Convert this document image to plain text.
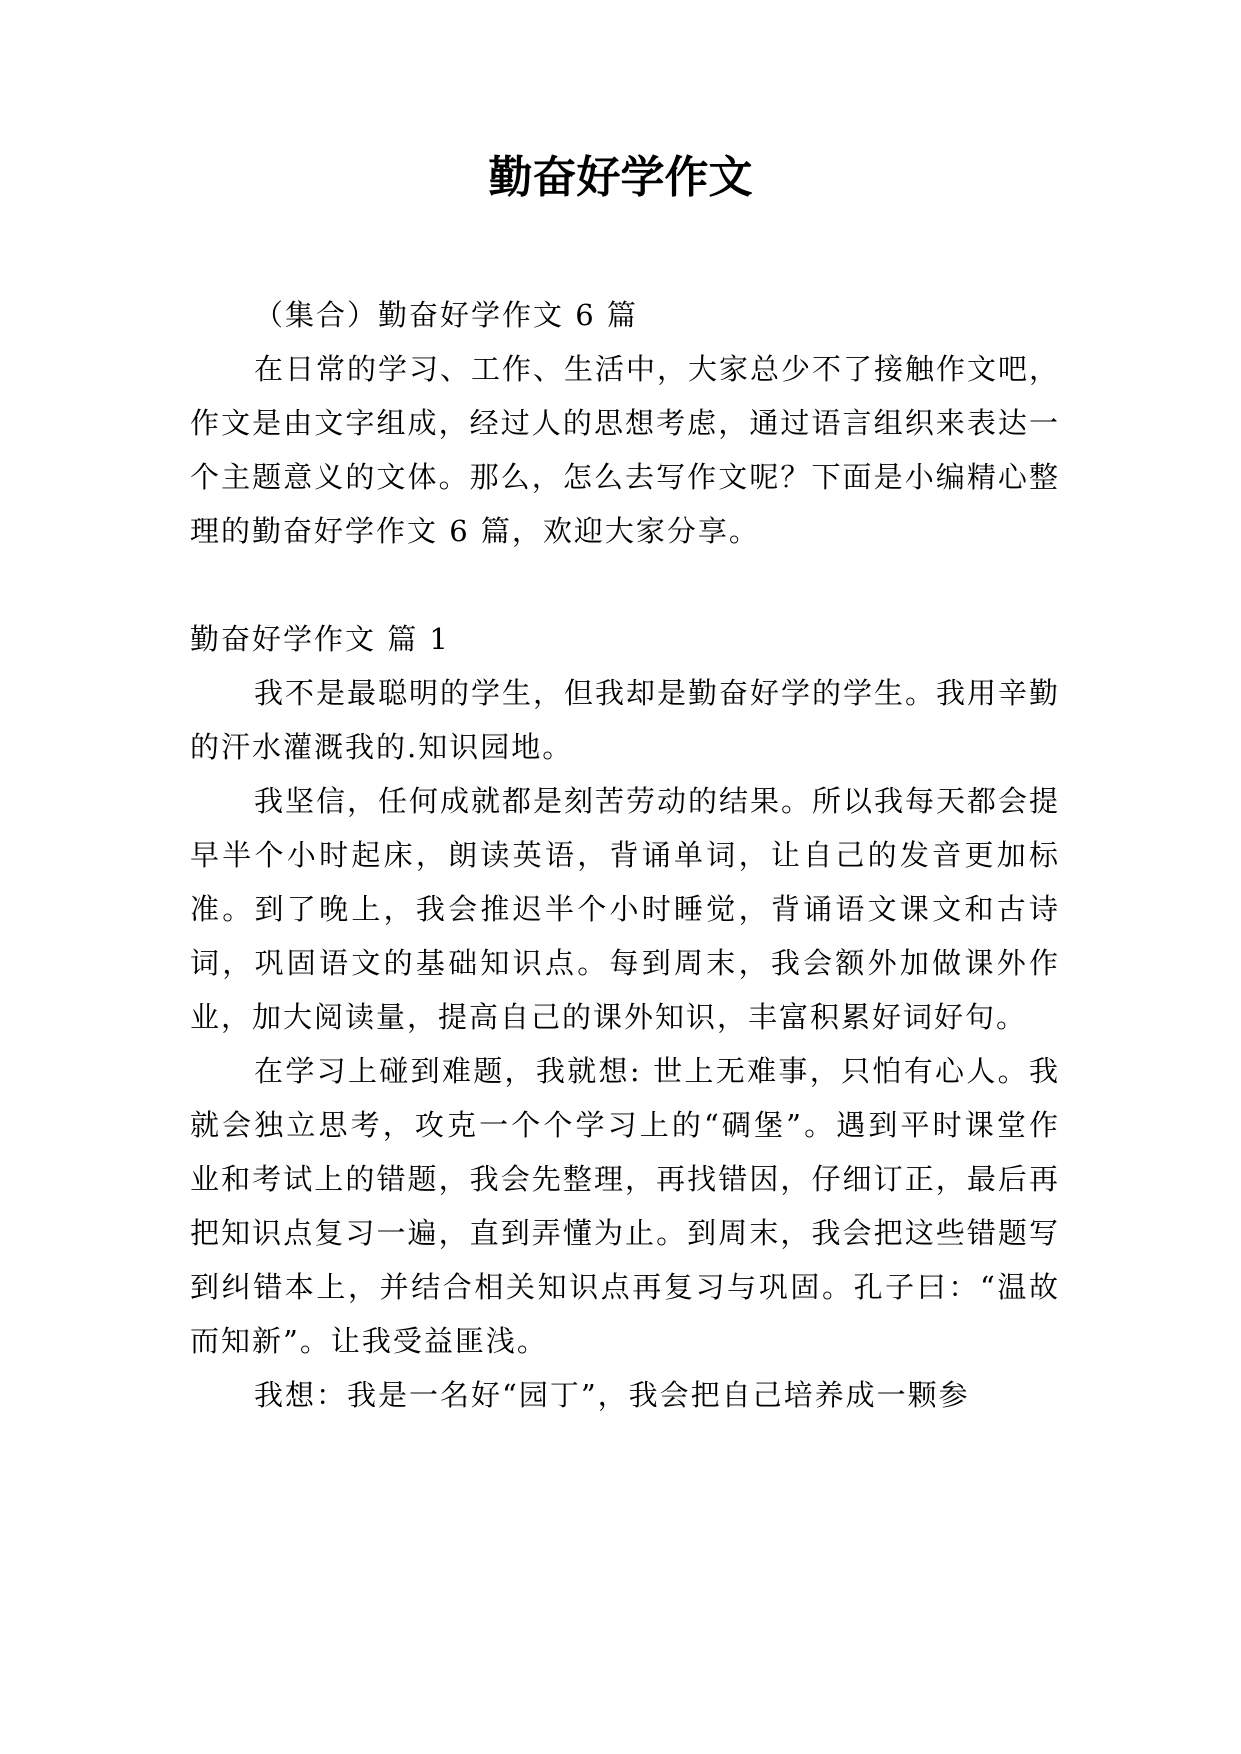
勤奋好学作文

（集合）勤奋好学作文 6 篇

在日常的学习、工作、生活中，大家总少不了接触作文吧，作文是由文字组成，经过人的思想考虑，通过语言组织来表达一个主题意义的文体。那么，怎么去写作文呢？下面是小编精心整理的勤奋好学作文 6 篇，欢迎大家分享。

勤奋好学作文 篇 1

我不是最聪明的学生，但我却是勤奋好学的学生。我用辛勤的汗水灌溉我的.知识园地。

我坚信，任何成就都是刻苦劳动的结果。所以我每天都会提早半个小时起床，朗读英语，背诵单词，让自己的发音更加标准。到了晚上，我会推迟半个小时睡觉，背诵语文课文和古诗词，巩固语文的基础知识点。每到周末，我会额外加做课外作业，加大阅读量，提高自己的课外知识，丰富积累好词好句。

在学习上碰到难题，我就想: 世上无难事，只怕有心人。我就会独立思考，攻克一个个学习上的“碉堡”。遇到平时课堂作业和考试上的错题，我会先整理，再找错因，仔细订正，最后再把知识点复习一遍，直到弄懂为止。到周末，我会把这些错题写到纠错本上，并结合相关知识点再复习与巩固。孔子曰：“温故而知新”。让我受益匪浅。

我想：我是一名好“园丁”，我会把自己培养成一颗参
